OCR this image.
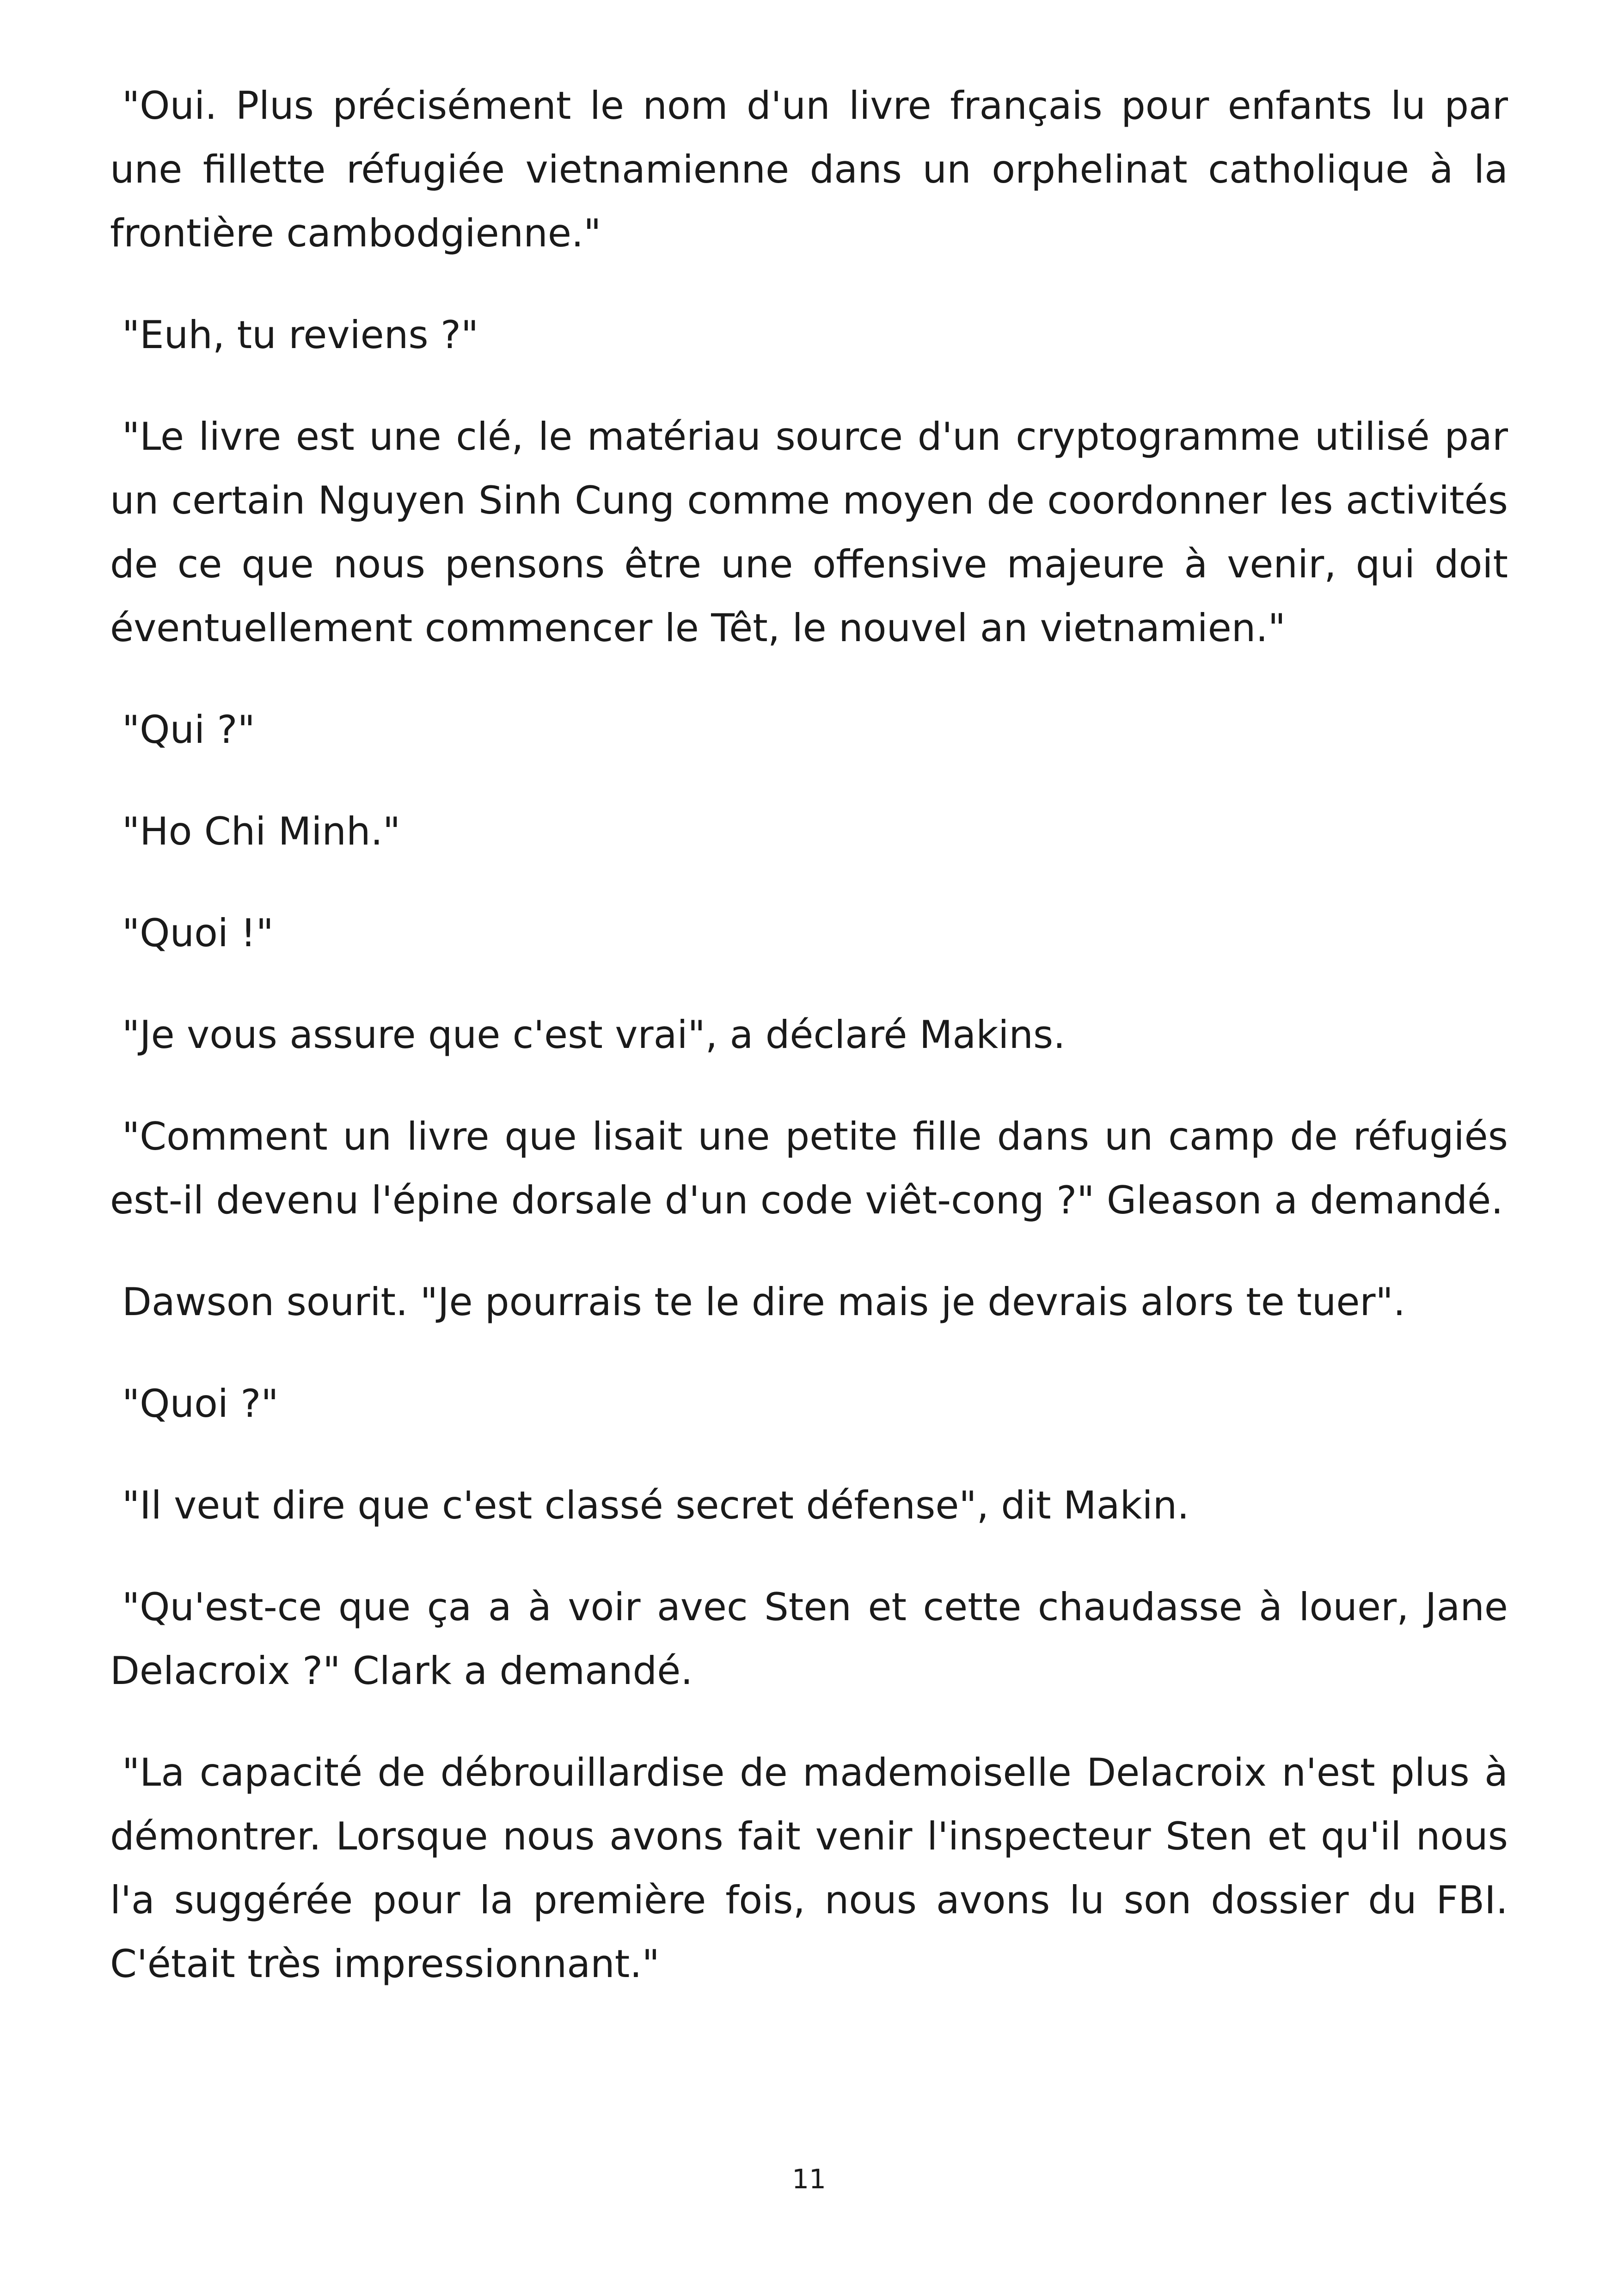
"Oui. Plus précisément le nom d'un livre français pour enfants lu par une fillette réfugiée vietnamienne dans un orphelinat catholique à la frontière cambodgienne."

"Euh, tu reviens ?"

"Le livre est une clé, le matériau source d'un cryptogramme utilisé par un certain Nguyen Sinh Cung comme moyen de coordonner les activités de ce que nous pensons être une offensive majeure à venir, qui doit éventuellement commencer le Têt, le nouvel an vietnamien."

"Qui ?"

"Ho Chi Minh."

"Quoi !"

"Je vous assure que c'est vrai", a déclaré Makins.

"Comment un livre que lisait une petite fille dans un camp de réfugiés est-il devenu l'épine dorsale d'un code viêt-cong ?" Gleason a demandé.

Dawson sourit. "Je pourrais te le dire mais je devrais alors te tuer".

"Quoi ?"

"Il veut dire que c'est classé secret défense", dit Makin.

"Qu'est-ce que ça a à voir avec Sten et cette chaudasse à louer, Jane Delacroix ?" Clark a demandé.

"La capacité de débrouillardise de mademoiselle Delacroix n'est plus à démontrer. Lorsque nous avons fait venir l'inspecteur Sten et qu'il nous l'a suggérée pour la première fois, nous avons lu son dossier du FBI. C'était très impressionnant."

11
